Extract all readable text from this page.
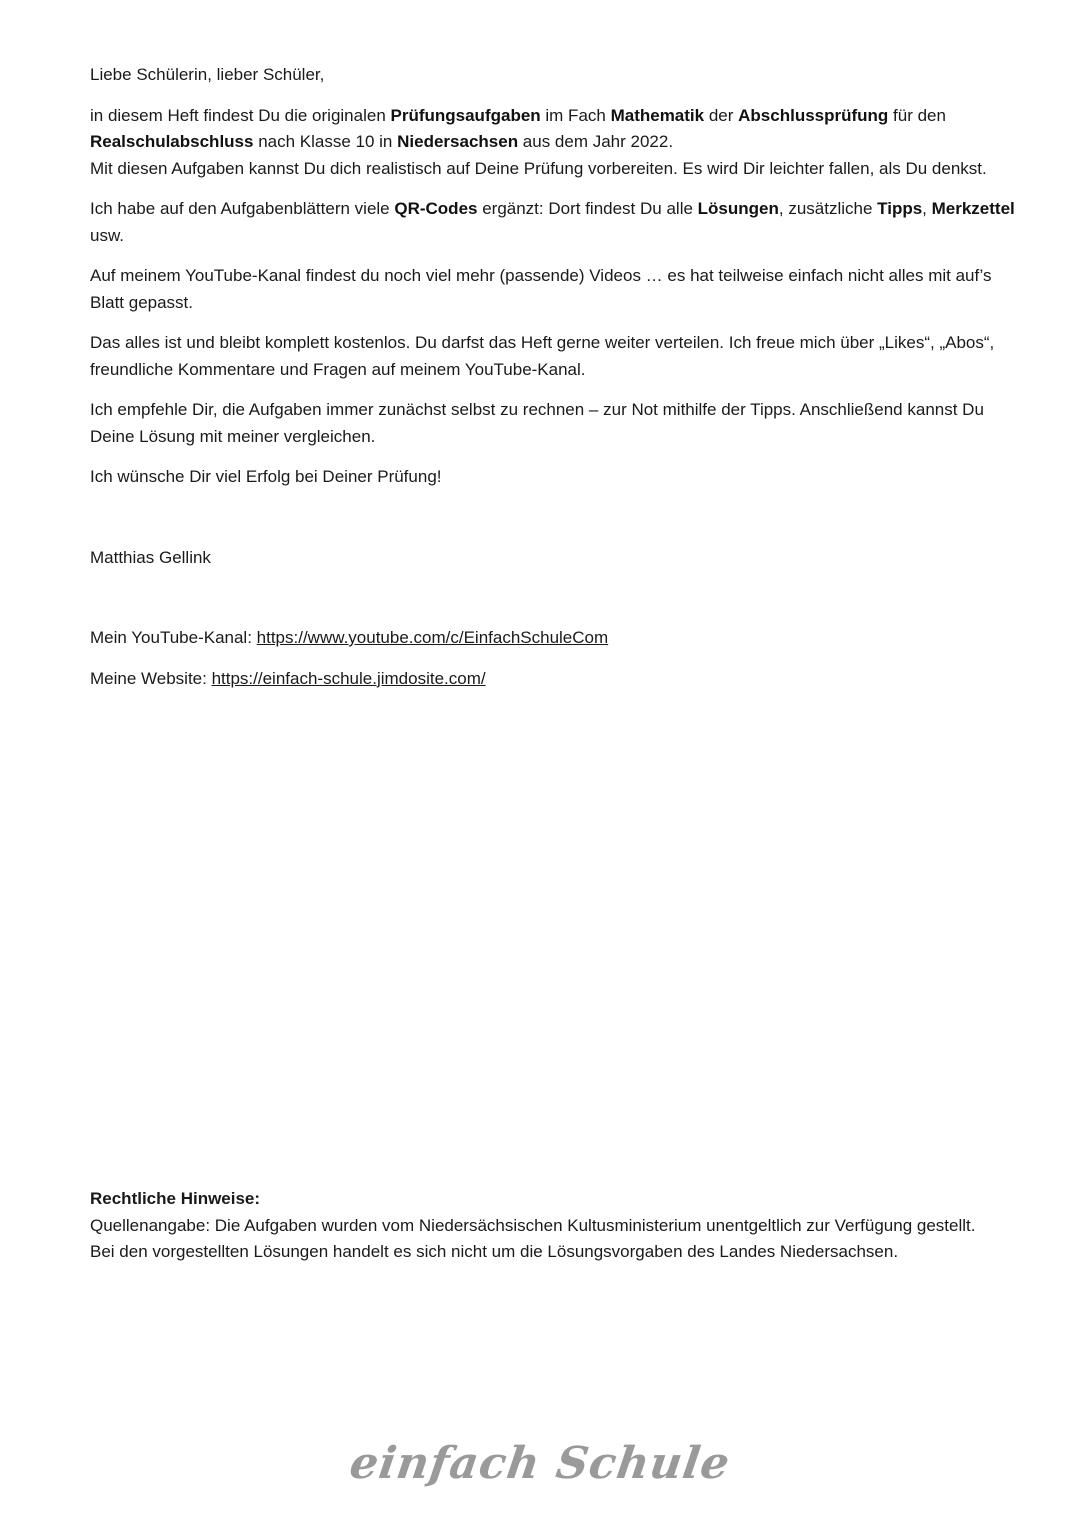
Liebe Schülerin, lieber Schüler,

in diesem Heft findest Du die originalen Prüfungsaufgaben im Fach Mathematik der Abschlussprüfung für den Realschulabschluss nach Klasse 10 in Niedersachsen aus dem Jahr 2022.
Mit diesen Aufgaben kannst Du dich realistisch auf Deine Prüfung vorbereiten. Es wird Dir leichter fallen, als Du denkst.

Ich habe auf den Aufgabenblättern viele QR-Codes ergänzt: Dort findest Du alle Lösungen, zusätzliche Tipps, Merkzettel usw.

Auf meinem YouTube-Kanal findest du noch viel mehr (passende) Videos … es hat teilweise einfach nicht alles mit auf’s Blatt gepasst.

Das alles ist und bleibt komplett kostenlos. Du darfst das Heft gerne weiter verteilen. Ich freue mich über „Likes“, „Abos“, freundliche Kommentare und Fragen auf meinem YouTube-Kanal.

Ich empfehle Dir, die Aufgaben immer zunächst selbst zu rechnen – zur Not mithilfe der Tipps. Anschließend kannst Du Deine Lösung mit meiner vergleichen.

Ich wünsche Dir viel Erfolg bei Deiner Prüfung!

Matthias Gellink

Mein YouTube-Kanal: https://www.youtube.com/c/EinfachSchuleCom

Meine Website: https://einfach-schule.jimdosite.com/

Rechtliche Hinweise:

Quellenangabe: Die Aufgaben wurden vom Niedersächsischen Kultusministerium unentgeltlich zur Verfügung gestellt.

Bei den vorgestellten Lösungen handelt es sich nicht um die Lösungsvorgaben des Landes Niedersachsen.

einfach Schule
